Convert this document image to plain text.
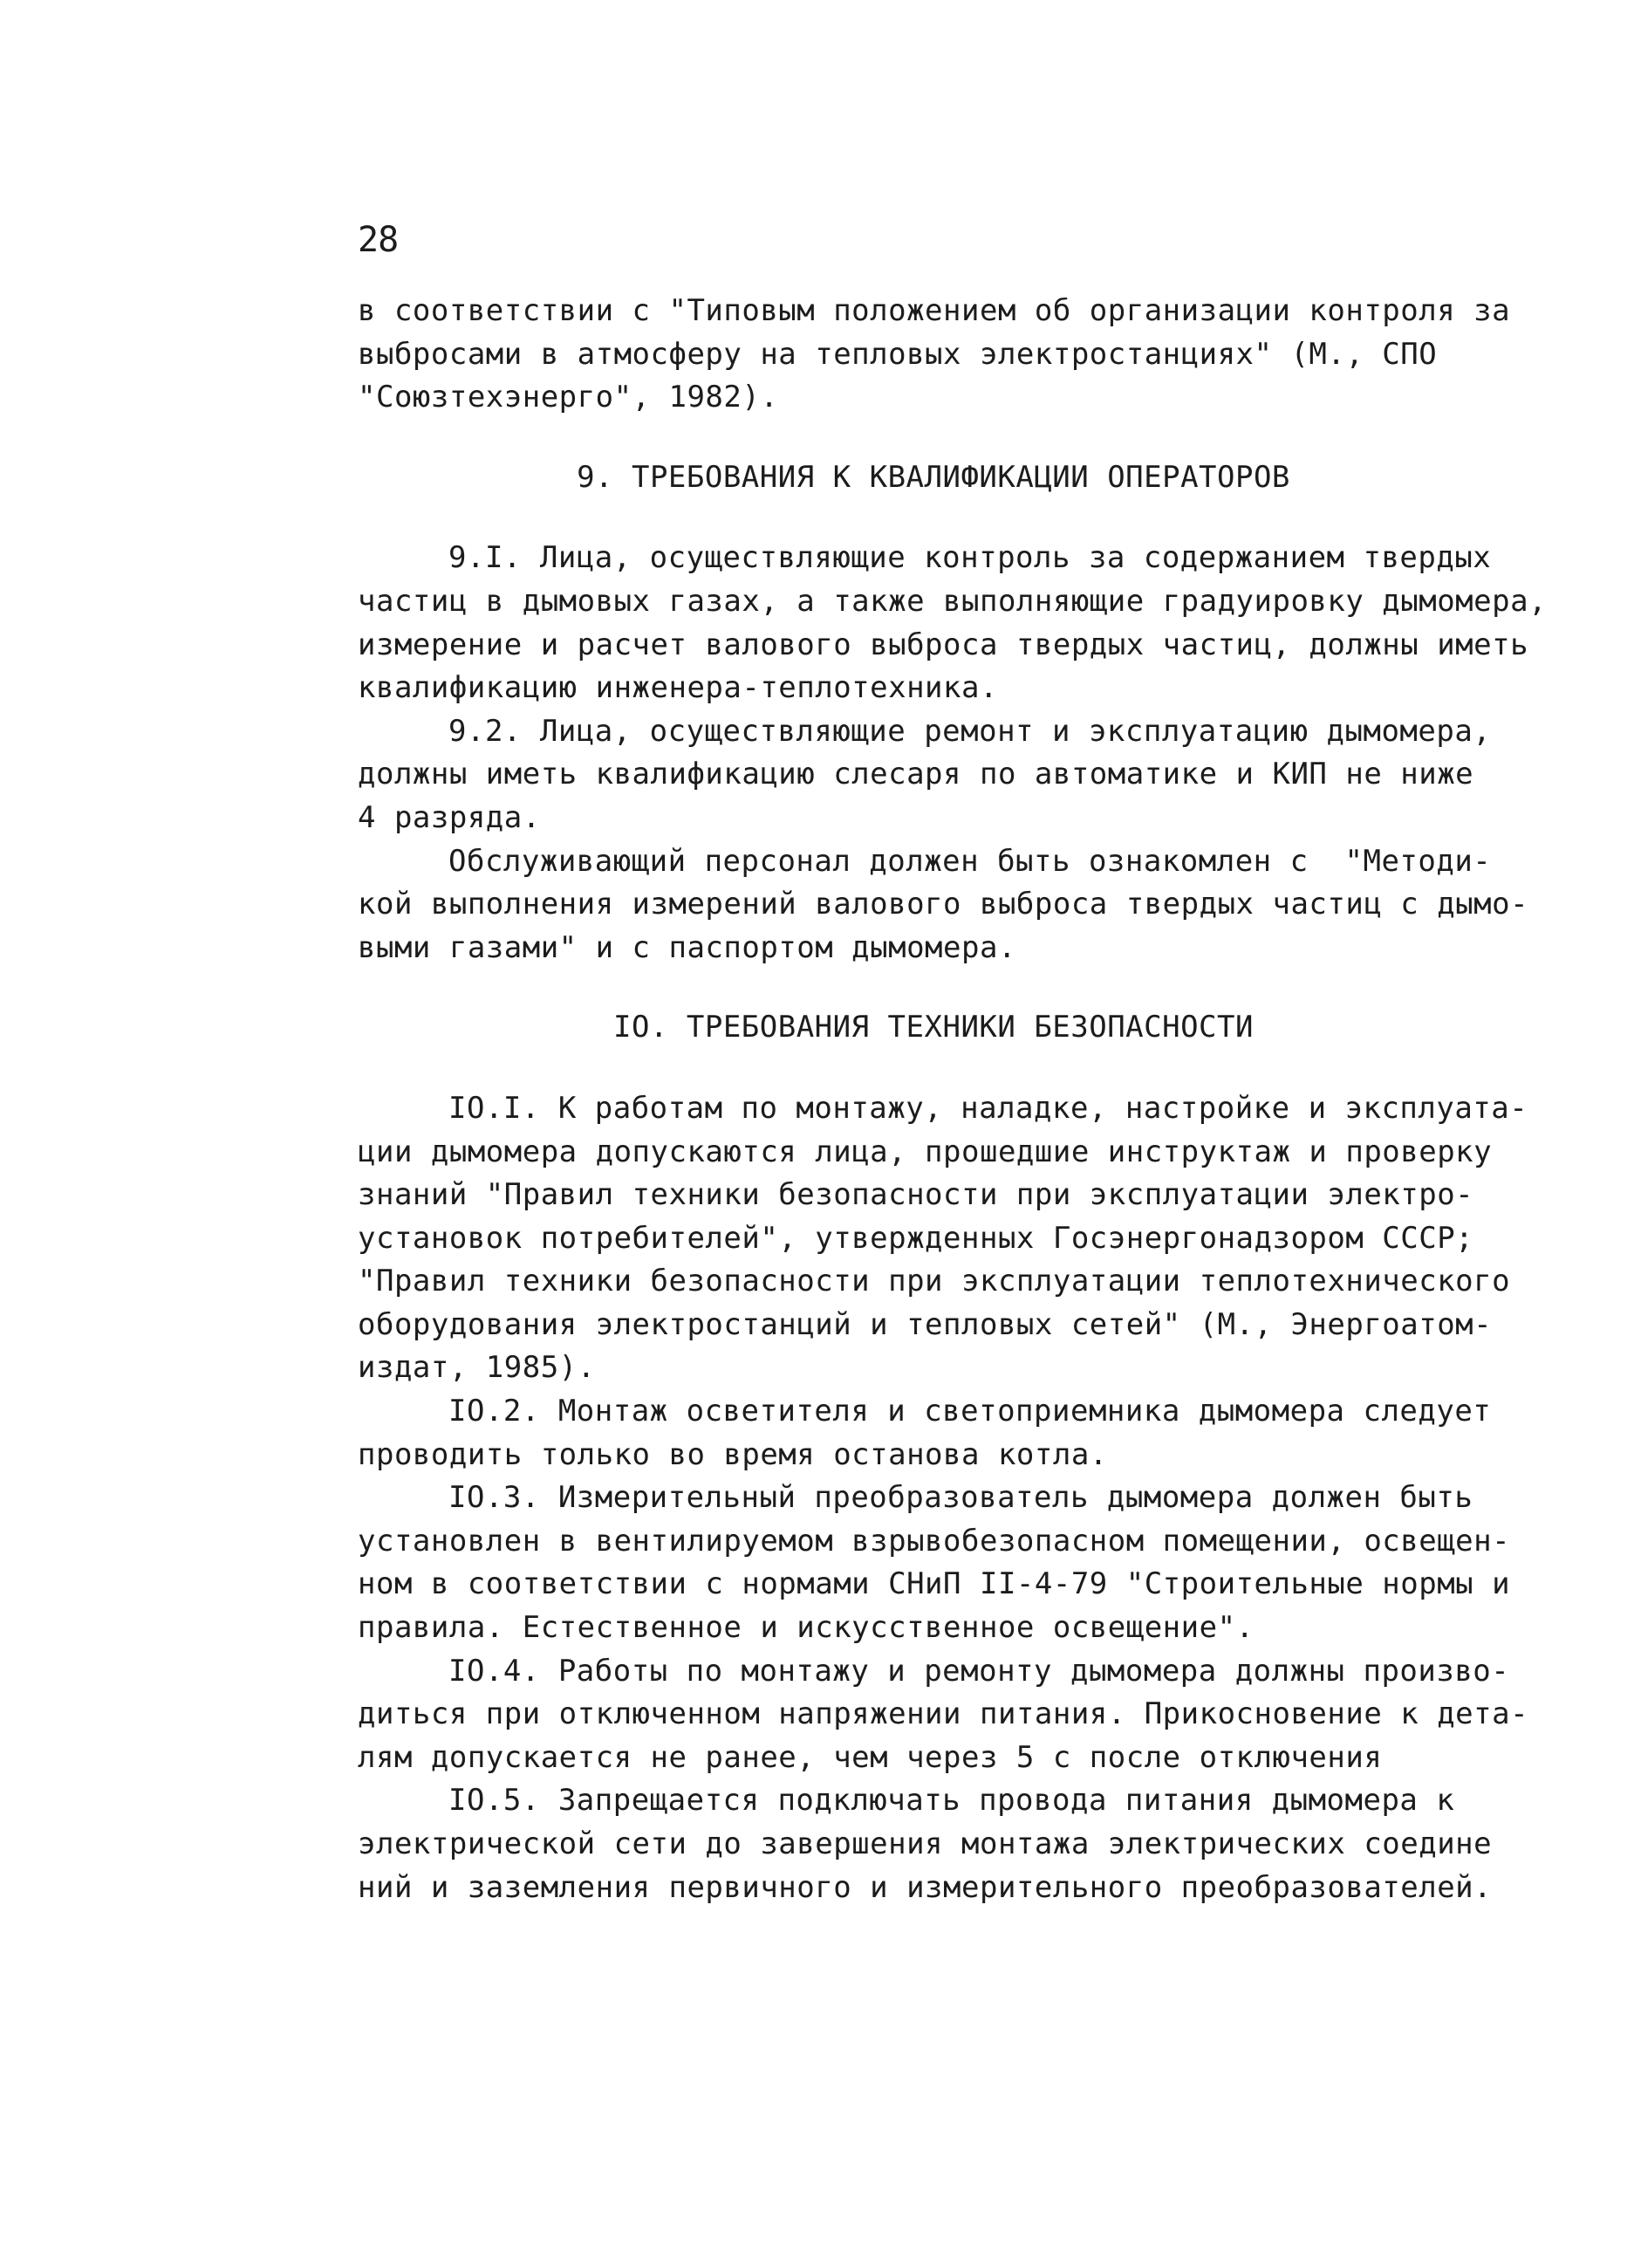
28
в соответствии с "Типовым положением об организации контроля за
выбросами в атмосферу на тепловых электростанциях" (М., СПО
"Союзтехэнерго", 1982).
9. ТРЕБОВАНИЯ К КВАЛИФИКАЦИИ ОПЕРАТОРОВ
9.I. Лица, осуществляющие контроль за содержанием твердых
частиц в дымовых газах, а также выполняющие градуировку дымомера,
измерение и расчет валового выброса твердых частиц, должны иметь
квалификацию инженера-теплотехника.
9.2. Лица, осуществляющие ремонт и эксплуатацию дымомера,
должны иметь квалификацию слесаря по автоматике и КИП не ниже
4 разряда.
Обслуживающий персонал должен быть ознакомлен с  "Методи-
кой выполнения измерений валового выброса твердых частиц с дымо-
выми газами" и с паспортом дымомера.
IO. ТРЕБОВАНИЯ ТЕХНИКИ БЕЗОПАСНОСТИ
IO.I. К работам по монтажу, наладке, настройке и эксплуата-
ции дымомера допускаются лица, прошедшие инструктаж и проверку
знаний "Правил техники безопасности при эксплуатации электро-
установок потребителей", утвержденных Госэнергонадзором СССР;
"Правил техники безопасности при эксплуатации теплотехнического
оборудования электростанций и тепловых сетей" (М., Энергоатом-
издат, 1985).
IO.2. Монтаж осветителя и светоприемника дымомера следует
проводить только во время останова котла.
IO.3. Измерительный преобразователь дымомера должен быть
установлен в вентилируемом взрывобезопасном помещении, освещен-
ном в соответствии с нормами СНиП II-4-79 "Строительные нормы и
правила. Естественное и искусственное освещение".
IO.4. Работы по монтажу и ремонту дымомера должны произво-
диться при отключенном напряжении питания. Прикосновение к дета-
лям допускается не ранее, чем через 5 с после отключения
IO.5. Запрещается подключать провода питания дымомера к
электрической сети до завершения монтажа электрических соедине
ний и заземления первичного и измерительного преобразователей.
